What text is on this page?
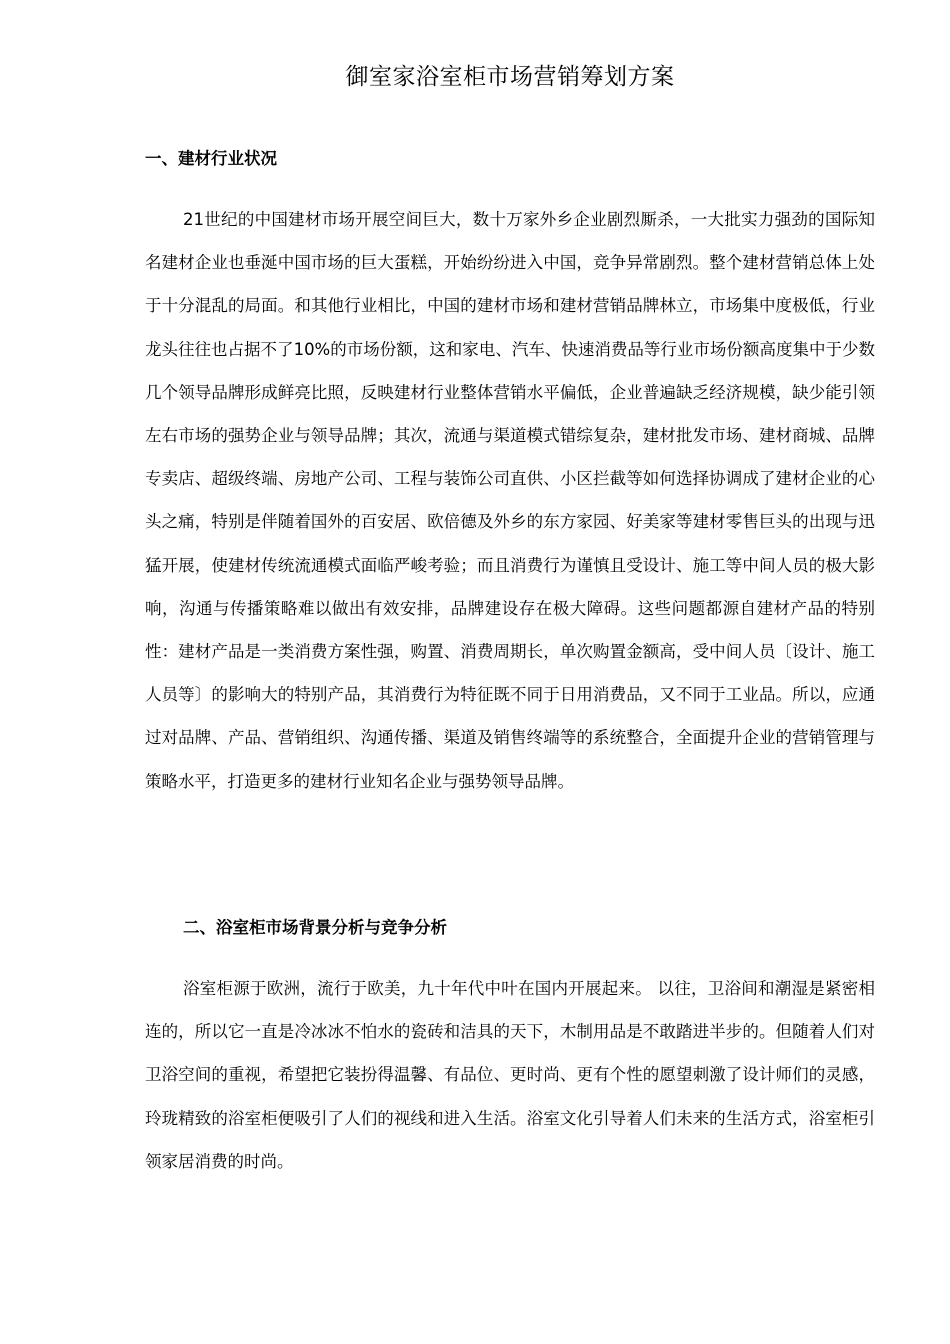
御室家浴室柜市场营销筹划方案
一、建材行业状况

21世纪的中国建材市场开展空间巨大，数十万家外乡企业剧烈厮杀，一大批实力强劲的国际知名建材企业也垂涎中国市场的巨大蛋糕，开始纷纷进入中国，竞争异常剧烈。整个建材营销总体上处于十分混乱的局面。和其他行业相比，中国的建材市场和建材营销品牌林立，市场集中度极低，行业龙头往往也占据不了10%的市场份额，这和家电、汽车、快速消费品等行业市场份额高度集中于少数几个领导品牌形成鲜亮比照，反映建材行业整体营销水平偏低，企业普遍缺乏经济规模，缺少能引领左右市场的强势企业与领导品牌；其次，流通与渠道模式错综复杂，建材批发市场、建材商城、品牌专卖店、超级终端、房地产公司、工程与装饰公司直供、小区拦截等如何选择协调成了建材企业的心头之痛，特别是伴随着国外的百安居、欧倍德及外乡的东方家园、好美家等建材零售巨头的出现与迅猛开展，使建材传统流通模式面临严峻考验；而且消费行为谨慎且受设计、施工等中间人员的极大影响，沟通与传播策略难以做出有效安排，品牌建设存在极大障碍。这些问题都源自建材产品的特别性：建材产品是一类消费方案性强，购置、消费周期长，单次购置金额高，受中间人员〔设计、施工人员等〕的影响大的特别产品，其消费行为特征既不同于日用消费品，又不同于工业品。所以，应通过对品牌、产品、营销组织、沟通传播、渠道及销售终端等的系统整合，全面提升企业的营销管理与策略水平，打造更多的建材行业知名企业与强势领导品牌。

二、浴室柜市场背景分析与竞争分析

浴室柜源于欧洲，流行于欧美，九十年代中叶在国内开展起来。 以往，卫浴间和潮湿是紧密相连的，所以它一直是冷冰冰不怕水的瓷砖和洁具的天下，木制用品是不敢踏进半步的。但随着人们对卫浴空间的重视，希望把它装扮得温馨、有品位、更时尚、更有个性的愿望刺激了设计师们的灵感，玲珑精致的浴室柜便吸引了人们的视线和进入生活。浴室文化引导着人们未来的生活方式，浴室柜引领家居消费的时尚。
